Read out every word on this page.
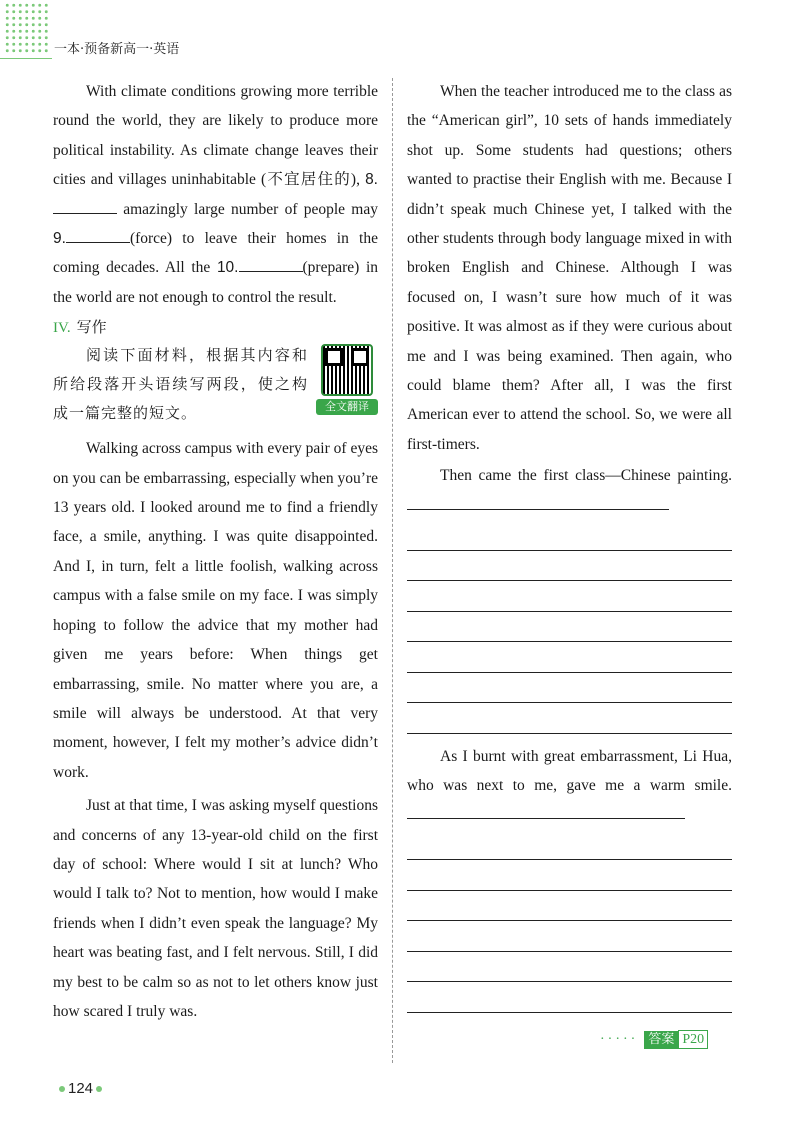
一本·预备新高一·英语

With climate conditions growing more terrible round the world, they are likely to produce more political instability. As climate change leaves their cities and villages uninhabitable (不宜居住的), 8. amazingly large number of people may 9.	(force) to leave their homes in the coming decades. All the 10.	(prepare) in the world are not enough to control the result.

IV. 写作
全文翻译

阅读下面材料，根据其内容和所给段落开头语续写两段，使之构成一篇完整的短文。

Walking across campus with every pair of eyes on you can be embarrassing, especially when you’re 13 years old. I looked around me to find a friendly face, a smile, anything. I was quite disappointed. And I, in turn, felt a little foolish, walking across campus with a false smile on my face. I was simply hoping to follow the advice that my mother had given me years before: When things get embarrassing, smile. No matter where you are, a smile will always be understood. At that very moment, however, I felt my mother’s advice didn’t work.

Just at that time, I was asking myself questions and concerns of any 13-year-old child on the first day of school: Where would I sit at lunch? Who would I talk to? Not to mention, how would I make friends when I didn’t even speak the language? My heart was beating fast, and I felt nervous. Still, I did my best to be calm so as not to let others know just how scared I truly was.

When the teacher introduced me to the class as the “American girl”, 10 sets of hands immediately shot up. Some students had questions; others wanted to practise their English with me. Because I didn’t speak much Chinese yet, I talked with the other students through body language mixed in with broken English and Chinese. Although I was focused on, I wasn’t sure how much of it was positive. It was almost as if they were curious about me and I was being examined. Then again, who could blame them? After all, I was the first American ever to attend the school. So, we were all first-timers.

Then came the first class—Chinese painting.

As I burnt with great embarrassment, Li Hua, who was next to me, gave me a warm smile.

····· 答案 P20
124
